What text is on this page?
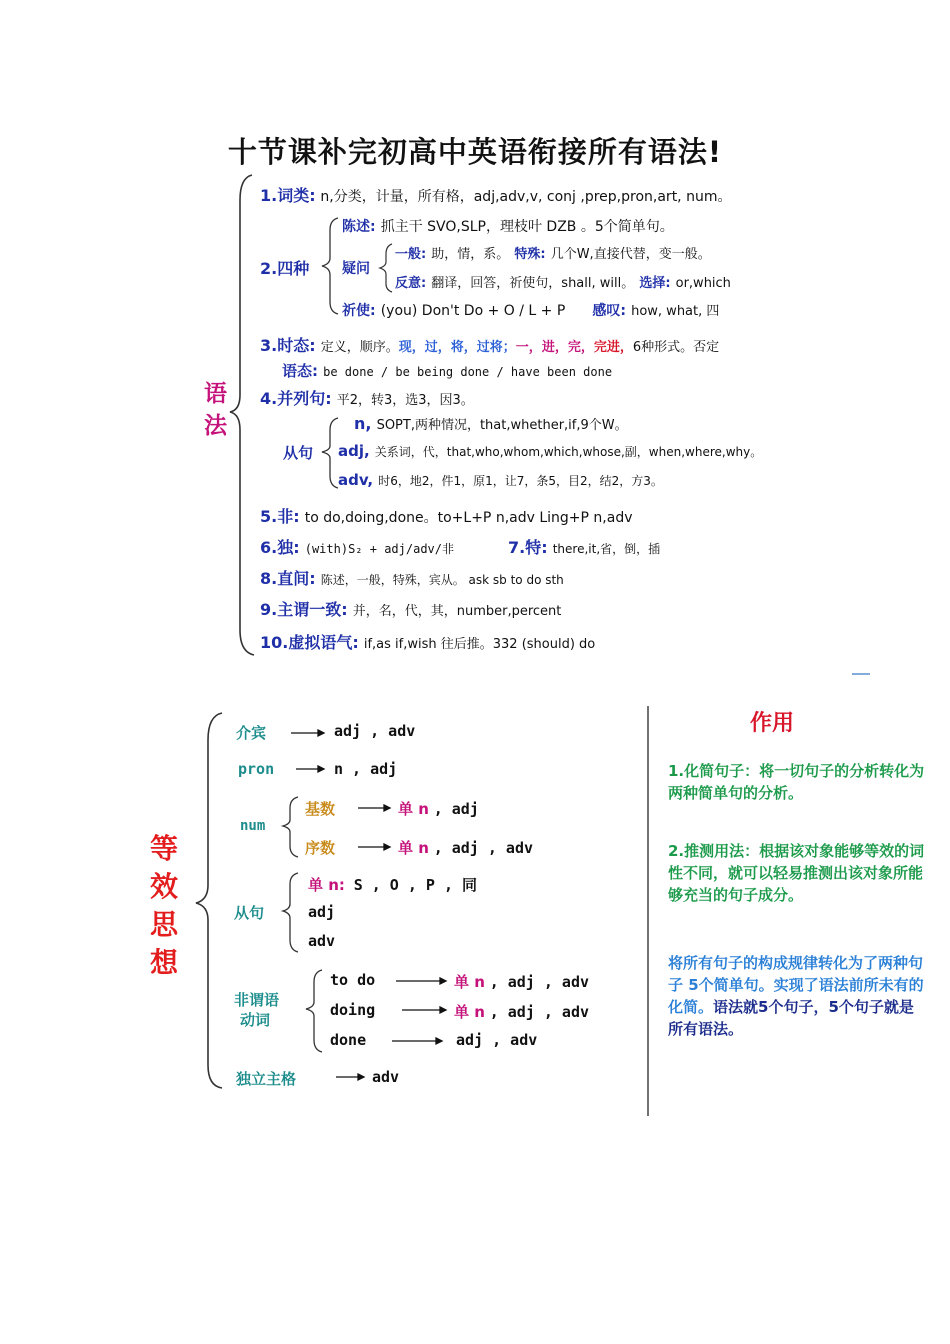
十节课补完初高中英语衔接所有语法!
语
法
1.词类: n,分类，计量，所有格，adj,adv,v, conj ,prep,pron,art, num。
2.四种
陈述: 抓主干 SVO,SLP，理枝叶 DZB 。5个简单句。
疑问
一般: 助，情，系。 特殊: 几个W,直接代替，变一般。
反意: 翻译，回答，祈使句，shall, will。 选择: or,which
祈使: (you) Don't Do + O / L + P 感叹: how, what, 四
3.时态: 定义，顺序。现，过，将，过将；一，进，完，完进，6种形式。否定
语态: be done / be being done / have been done
4.并列句: 平2，转3，选3，因3。
从句
n, SOPT,两种情况，that,whether,if,9个W。
adj, 关系词，代，that,who,whom,which,whose,副，when,where,why。
adv, 时6，地2，件1，原1，让7，条5，目2，结2，方3。
5.非: to do,doing,done。to+L+P n,adv Ling+P n,adv
6.独: (with)S₂ + adj/adv/非	7.特: there,it,省，倒，插
8.直间: 陈述，一般，特殊，宾从。 ask sb to do sth
9.主谓一致: 并，名，代，其，number,percent
10.虚拟语气: if,as if,wish 往后推。332 (should) do
等
效
思
想
介宾	adj , adv
pron	n , adj
num
基数	单 n , adj
序数	单 n , adj , adv
从句
单 n: S , O , P , 同
adj
adv
非谓语
动词
to do	单 n , adj , adv
doing	单 n , adj , adv
done	adj , adv
独立主格	adv
作用
1.化简句子：将一切句子的分析转化为两种简单句的分析。
2.推测用法：根据该对象能够等效的词性不同，就可以轻易推测出该对象所能够充当的句子成分。
将所有句子的构成规律转化为了两种句子 5个简单句。实现了语法前所未有的化简。语法就5个句子，5个句子就是所有语法。
